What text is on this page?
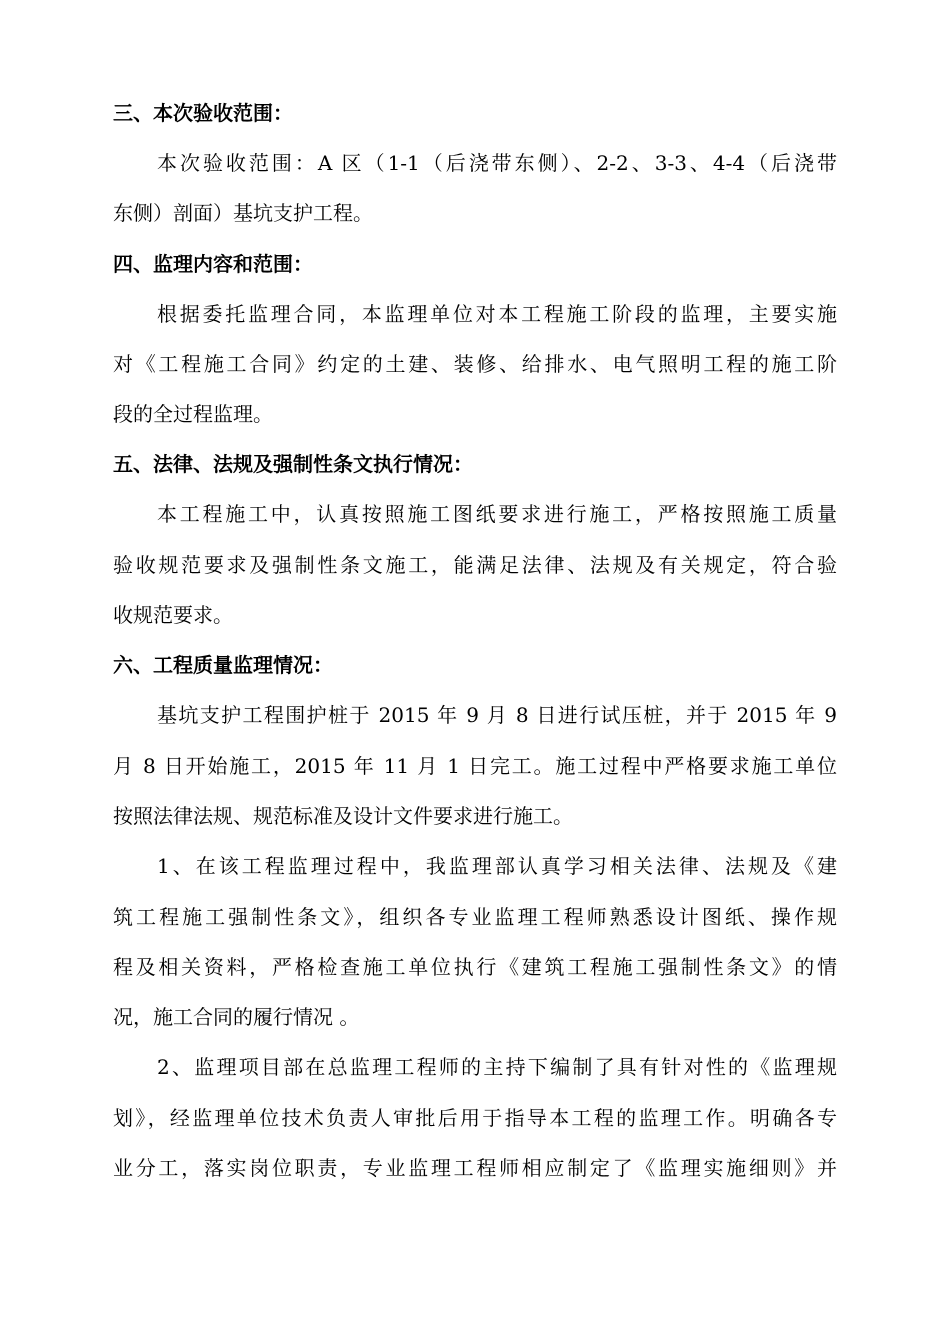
三、本次验收范围：
本次验收范围：A 区（1-1（后浇带东侧）、2-2、3-3、4-4（后浇带
东侧）剖面）基坑支护工程。
四、监理内容和范围：
根据委托监理合同，本监理单位对本工程施工阶段的监理，主要实施
对《工程施工合同》约定的土建、装修、给排水、电气照明工程的施工阶
段的全过程监理。
五、法律、法规及强制性条文执行情况：
本工程施工中，认真按照施工图纸要求进行施工，严格按照施工质量
验收规范要求及强制性条文施工，能满足法律、法规及有关规定，符合验
收规范要求。
六、工程质量监理情况：
基坑支护工程围护桩于 2015 年 9 月 8 日进行试压桩，并于 2015 年 9
月 8 日开始施工，2015 年 11 月 1 日完工。施工过程中严格要求施工单位
按照法律法规、规范标准及设计文件要求进行施工。
1、在该工程监理过程中，我监理部认真学习相关法律、法规及《建
筑工程施工强制性条文》，组织各专业监理工程师熟悉设计图纸、操作规
程及相关资料，严格检查施工单位执行《建筑工程施工强制性条文》的情
况，施工合同的履行情况 。
2、监理项目部在总监理工程师的主持下编制了具有针对性的《监理规
划》，经监理单位技术负责人审批后用于指导本工程的监理工作。明确各专
业分工，落实岗位职责，专业监理工程师相应制定了《监理实施细则》并
